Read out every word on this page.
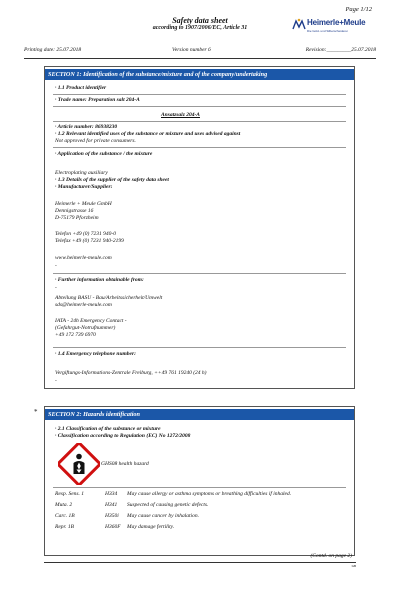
Page 1/12
Safety data sheet
according to 1907/2006/EC, Article 31
Heimerle+Meule
Die Gold- und Silberscheiderei
Printing date: 25.07.2018	Version number 6	Revision:_________25.07.2018
SECTION 1: Identification of the substance/mixture and of the company/undertaking
· 1.1 Product identifier
· Trade name: Preparation salt 204-A
Ansatzsalz 204-A
· Article number: 86938230
· 1.2 Relevant identified uses of the substance or mixture and uses advised against
Not approved for private consumers.
· Application of the substance / the mixture
Electroplating auxiliary
· 1.3 Details of the supplier of the safety data sheet
· Manufacturer/Supplier:
Heimerle + Meule GmbH
Dennigstrasse 16
D-75179 Pforzheim
Telefon +49 (0) 7231 940-0
Telefax +49 (0) 7231 940-2199
www.heimerle-meule.com
-
· Further information obtainable from:
-
Abteilung BASU - Bau/Arbeitssicherheit/Umwelt
sds@heimerle-meule.com
IATA - 24h Emergency Contact -
(Gefahrgut-Notrufnummer)
+49 172 739 6970
· 1.4 Emergency telephone number:
Vergiftungs-Informations-Zentrale Freiburg, ++49 761 19240 (24 h)
-
*	SECTION 2: Hazards identification
· 2.1 Classification of the substance or mixture
· Classification according to Regulation (EC) No 1272/2008
GHS08 health hazard
Resp. Sens. 1	H334 May cause allergy or asthma symptoms or breathing difficulties if inhaled.
Muta. 2	H341 Suspected of causing genetic defects.
Carc. 1B	H350i May cause cancer by inhalation.
Repr. 1B	H360F May damage fertility.
(Contd. on page 2)
GB
